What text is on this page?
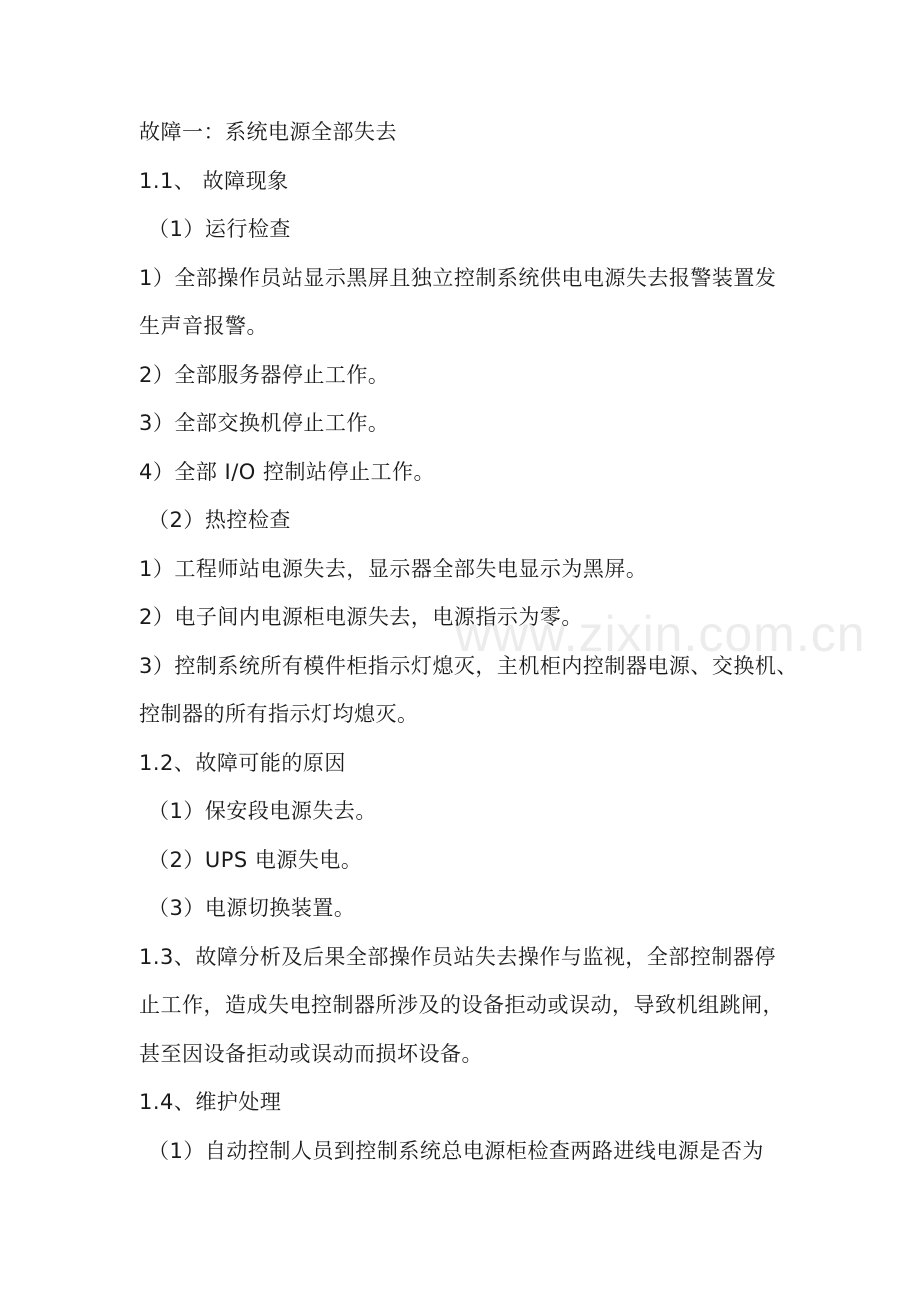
www.zixin.com.cn
故障一：系统电源全部失去
1.1、 故障现象
（1）运行检查
1）全部操作员站显示黑屏且独立控制系统供电电源失去报警装置发
生声音报警。
2）全部服务器停止工作。
3）全部交换机停止工作。
4）全部 I/O 控制站停止工作。
（2）热控检查
1）工程师站电源失去，显示器全部失电显示为黑屏。
2）电子间内电源柜电源失去，电源指示为零。
3）控制系统所有模件柜指示灯熄灭，主机柜内控制器电源、交换机、
控制器的所有指示灯均熄灭。
1.2、故障可能的原因
（1）保安段电源失去。
（2）UPS 电源失电。
（3）电源切换装置。
1.3、故障分析及后果全部操作员站失去操作与监视，全部控制器停
止工作，造成失电控制器所涉及的设备拒动或误动，导致机组跳闸，
甚至因设备拒动或误动而损坏设备。
1.4、维护处理
（1）自动控制人员到控制系统总电源柜检查两路进线电源是否为
